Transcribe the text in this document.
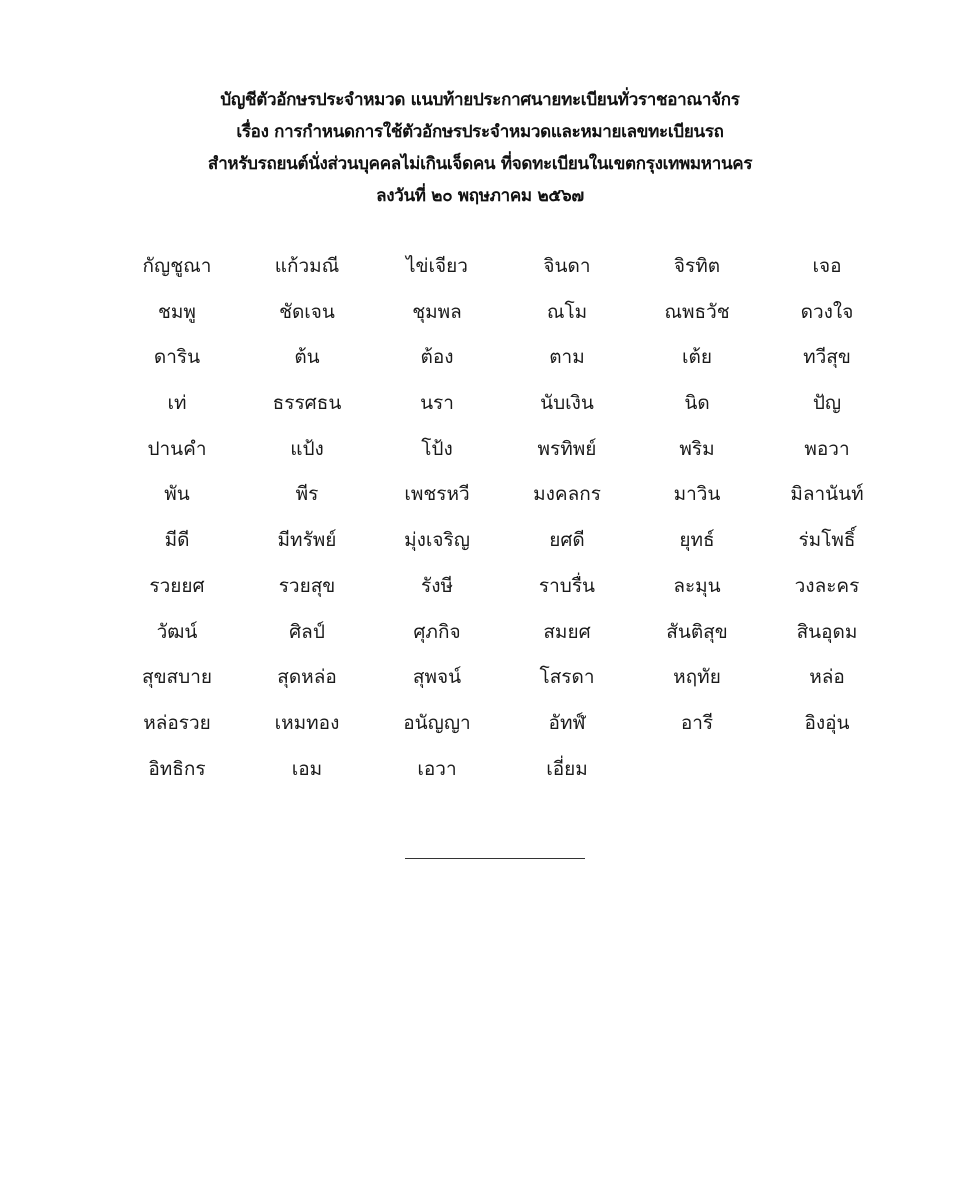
บัญชีตัวอักษรประจำหมวด แนบท้ายประกาศนายทะเบียนทั่วราชอาณาจักร
เรื่อง การกำหนดการใช้ตัวอักษรประจำหมวดและหมายเลขทะเบียนรถ
สำหรับรถยนต์นั่งส่วนบุคคลไม่เกินเจ็ดคน ที่จดทะเบียนในเขตกรุงเทพมหานคร
ลงวันที่ ๒๐ พฤษภาคม ๒๕๖๗
กัญชูณา	แก้วมณี	ไข่เจียว	จินดา	จิรทิต	เจอ
ชมพู	ชัดเจน	ชุมพล	ณโม	ณพธวัช	ดวงใจ
ดาริน	ต้น	ต้อง	ตาม	เต้ย	ทวีสุข
เท่	ธรรศธน	นรา	นับเงิน	นิด	ปัญ
ปานคำ	แป้ง	โป้ง	พรทิพย์	พริม	พอวา
พัน	พีร	เพชรหวี	มงคลกร	มาวิน	มิลานันท์
มีดี	มีทรัพย์	มุ่งเจริญ	ยศดี	ยุทธ์	ร่มโพธิ์
รวยยศ	รวยสุข	รังษี	ราบรื่น	ละมุน	วงละคร
วัฒน์	ศิลป์	ศุภกิจ	สมยศ	สันติสุข	สินอุดม
สุขสบาย	สุดหล่อ	สุพจน์	โสรดา	หฤทัย	หล่อ
หล่อรวย	เหมทอง	อนัญญา	อัทฬ์	อารี	อิงอุ่น
อิทธิกร	เอม	เอวา	เอี่ยม
